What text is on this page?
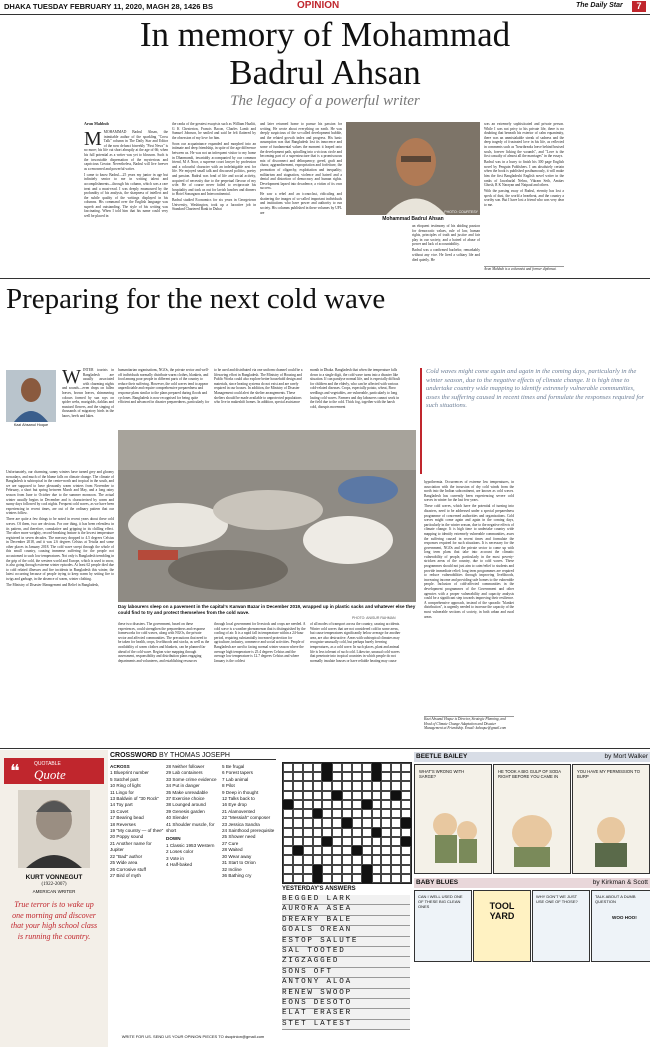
DHAKA TUESDAY FEBRUARY 11, 2020, MAGH 28, 1426 BS	OPINION	The Daily Star	7
In memory of Mohammad
Badrul Ahsan
The legacy of a powerful writer
Arun Mahbub

MMOHAMMAD Badrul Ahsan, the inimitable author of the sparkling "Cross Talk" column in The Daily Star and Editor of the now defunct biweekly "First News" is no more; his life cut short abruptly at the age of 66; when his full potential as a writer was yet to blossom. Such is the inscrutable dispensation of the mysterious and capricious Creator. Nevertheless, Badrul will live forever as a renowned and powerful writer.

I came to know Badrul—25 years my junior in age but infinitely senior to me in writing talent and accomplishments—through his column, which was a rare treat and a must-read. I was deeply enamoured by the profundity of his analysis, the sharpness of intellect and the subtle quality of the writings displayed in his columns. His command over the English language was superb and outstanding. The style of his writing was fascinating. When I told him that his name could very well be placed in

the ranks of the greatest essayists such as William Hazlitt, G K Chesterton, Francis Bacon, Charles Lamb and Samuel Johnson, he smiled and said he felt flattered by the obsession of my love for him.

Soon our acquaintance expanded and morphed into an intimate and deep friendship, in spite of the age difference between us. He was not an infrequent visitor to my home in Dhanmondi, invariably accompanied by our common friend, M A Noor, a supreme court lawyer by profession and a colourful character with an indefatigable zest for life. We enjoyed small talk and discussed politics, poetry and passion. Badrul was fond of life and social activity, acquired of necessity due to the perpetual flavour of my wife. He of course never failed to reciprocate his hospitality and took us out for lavish lunches and dinners to Hotel Sonargaon and Intercontinental.

Badrul studied Economics for six years in Georgetown University, Washington, took up a lucrative job in Standard Chartered Bank in Dubai

and later returned home to pursue his passion for writing. He wrote about everything on earth. He was deeply suspicious of the so-called development bubble, and the related growth index and progress. His basic assumption was that Bangladesh lost its innocence and some of fundamental values the moment it leaped onto the development path, spiralling into a vicious circle and becoming part of a superstructure that is a promiscuous mix of disconnect and delinquency; greed, graft and chaos; aggrandisement, expropriation and forfeiture, the promotion of oligarchy, exploitation and inequality; militarism and stagnation, violence and hatred and a denial and distortion of democracy and human rights. Development lapsed into decadence, a victim of its own success.

He saw a rebel and an iconoclast, ridiculing and shattering the images of so-called important individuals and institutions who have power and authority to run society. His columns published in these volumes by UPL are	PHOTO: COURTESY
Mohammad Badrul Ahsan

an eloquent testimony of his abiding passion for democratic values, rule of law, human rights, principles of truth and justice and fair play in our society, and a hatred of abuse of power and lack of accountability.

Badrul was a confirmed bachelor, remarkably without any vice. He lived a solitary life and died quietly. He

was an extremely sophisticated and private person. While I was not privy to his private life, there is no doubting that beneath his exterior of calm equanimity, there was an unmistakable streak of sadness and the deep tragedy of frustrated love in his life, as reflected in comments such as "heartbreaks leave behind bruised souls, forever licking the wounds", and "Love is the first casualty of almost all the marriages" in the essays.

Badrul was in a hurry to finish his 300 page English novel by Penguin Publishers. I am absolutely certain when the book is published posthumously, it will make him the first Bangladeshi English novel writer in the ranks of Jawaharlal Nehru, Vikram Seth, Amitav Ghosh, R K Narayan and Naipaul and others.

With the passing away of Badrul, eternity has lost a speck of dust, the world a heartbeat, and the country a worthy son. But I have lost a friend who was very dear to me.

Arun Mahbub is a columnist and former diplomat.
Preparing for the next cold wave
Kazi Ahsanul Hoque

WINTER tourists in Bangladesh are usually associated with charming nights and sounds—even drops on fallen leaves, brown leaves, shimmering colours formed by sun rays on spider webs, marigolds, dahlias and mustard flowers, and the singing of thousands of migratory birds in the haors, beels and lakes.

Unfortunately, our charming, sunny winters have turned grey and gloomy nowadays, and much of the blame falls on climate change. The climate of Bangladesh is subtropical in the centre-north and tropical in the south, and we are supposed to have pleasantly warm winters from November to February, a short but spring between March and May, and a long rainy season from June to October due to the summer monsoon. The actual winter usually begins in December and is characterised by warm and sunny days followed by cool nights. Frequent cold waves, as we have been experiencing in recent times, are out of the ordinary pattern that our winters follow.

There are quite a few things to be noted in recent years about these cold waves. Of them, two are obvious. For one thing, it has been relentless in its pattern, and therefore, cumulative and gripping in its chilling effect. The other more weighty, record-breaking feature is the lowest temperature registered in seven decades. The mercury dropped to 4.5 degrees Celsius in December 2018, and it was 2.6 degrees Celsius at Tetulia and some other places in January 2018. The cold wave swept through the whole of this small country, causing immense suffering for the people not accustomed to such low temperatures. Not only is Bangladesh trembling in the grip of the cold, the western world and Europe, which is used to snow, is also going through extreme winter episodes. At least 62 people died due to cold related illnesses and fire incidents in Bangladesh this winter, the latest occurring because of people trying to keep warm by setting fire to twigs and garbage, in the absence of warm, winter clothing.

The Ministry of Disaster Management and Relief in Bangladesh,

humanitarian organisations, NGOs, the private sector and well-off individuals normally distribute warm clothes, blankets, and food among poor people in different parts of the country to reduce their suffering. However, the cold waves tend to appear unpredictable and require comprehensive preparedness and response plans similar to the plans prepared during floods and cyclones. Bangladesh is now recognised for being quite efficient and advanced in disaster preparedness, particularly for
to be used and distributed via one uniform channel could be a lifesaving effort in Bangladesh. The Ministry of Housing and Public Works could also explore better household design and materials, since heating systems do not exist and are rarely required in our houses. In addition, the Ministry of Disaster Management could alert the shelter arrangements. These shelters should be made available to unprotected populations who live in makeshift homes. In addition, special assistance
month in Dhaka. Bangladesh that when the temperature falls down to a single digit, the cold wave turns into a disaster like situation. If can paralyse normal life, and is especially difficult for children and the elderly, who can be affected with various cold-related diseases. Crops, especially potato, wheat, Boro seedlings and vegetables, are vulnerable, particularly to long lasting cold waves. Farmers and day labourers cannot work in the field due to the cold. Thick fog, together with the harsh cold, disrupts movement
Day labourers sleep on a pavement in the capital's Karwan Bazar in December 2019, wrapped up in plastic sacks and whatever else they could find to try and protect themselves from the cold wave.
PHOTO: ANISUR RAHMAN
these two disasters. The government, based on these experiences, could strengthen the preparedness and response frameworks for cold waves, along with NGOs, the private sector and affected communities. The precautions that need to be taken for health, crops, livelihoods and stocks, as well as the availability of warm clothes and blankets, can be planned far ahead of the cold wave. Region wise mapping through assessment, responsibility and distribution plans engaging departments and volunteers, and establishing resources
through local government for livestock and crops are needed. A cold wave is a weather phenomenon that is distinguished by the cooling of air. It is a rapid fall in temperature within a 24-hour period, requiring substantially increased protection for agriculture, industry, commerce and social activities. People of Bangladesh are used to facing normal winter season where the average high temperature is 25.4 degrees Celsius and the average low temperature is 12.7 degrees Celsius and where January is the coldest
of all modes of transport across the country, causing accidents. Winter cold waves that are not considered cold in some areas, but cause temperatures significantly below average for another area, are also destructive. Areas with subtropical climates may recognise unusually cold, but perhaps barely freezing temperatures, as a cold wave. In such places, plant and animal life is less tolerant of such cold. Likewise, unusual cold waves that penetrate into tropical countries in which people do not normally insulate houses or have reliable heating may cause
Cold waves might come again and again in the coming days, particularly in the winter season, due to the negative effects of climate change. It is high time to undertake country wide mapping to identify extremely vulnerable communities, asses the suffering caused in recent times and formulate the responses required for such situations.

hypothermia. Occurrences of extreme low temperatures, in association with the incursion of dry cold winds from the north into the Indian subcontinent, are known as cold waves. Bangladesh has currently been experiencing severe cold waves in winter for the last few years.

These cold waves, which have the potential of turning into disasters, need to be addressed under a special preparedness programme of concerned authorities and organisations. Cold waves might come again and again in the coming days, particularly in the winter season, due to the negative effects of climate change. It is high time to undertake country wide mapping to identify extremely vulnerable communities, asses the suffering caused in recent times and formulate the responses required for such situations. It is necessary for the government, NGOs and the private sector to come up with long term plans that take into account the climatic vulnerability of people, particularly in the most poverty-stricken areas of the country, due to cold waves. These programmes should not just aim to cater/relief to students and provide immediate relief; long term programmes are required to reduce vulnerabilities through improving livelihoods, increasing income and providing safe homes to the vulnerable people. Inclusion of cold-affected communities in the development programmes of the Government and other agencies with a proper vulnerability and capacity analysis could be a significant step towards improving their resilience. A comprehensive approach, instead of the sporadic "blanket distribution", is urgently needed to increase the capacity of the most vulnerable sections of society, in both urban and rural areas.

Kazi Ahsanul Hoque is Director, Strategic Planning, and Head of Climate Change Adaptation and Disaster Management at Friendship. Email: kahoque@gmail.com
QUOTABLE
Quote
❝
KURT VONNEGUT
(1922-2007)
AMERICAN WRITER
True terror is to wake up one morning and discover that your high school class is running the country.
CROSSWORD BY THOMAS JOSEPH
ACROSS
1 Blueprint number
5 Satchel part
10 Ring of light
11 Lingo for
13 Baldwin of "30 Rock"
14 Toy part
15 Covet
17 Bearing bead
18 Reverses
19 "My country — of thee"
20 Poppy sound
21 Another name for Jupiter
22 "Bad" author
25 Wide area
26 Corrosive stuff
27 Bird of myth
28 Neither follower
29 Lab containers
33 Some crime evidence
34 Put in danger
35 Make unreadable
37 Exercise choice
38 Lounged around
39 Genesis garden
40 Slender
41 Shoulder muscle, for short
DOWN
1 Classic 1953 Western
2 Loses color
3 Vote in
4 Half-baked
5 Be frugal
6 Forest tapers
7 Lab animal
8 Pilot
9 Deep in thought
12 Talks back to
16 Eye drop
21 Alamovented
22 "Messiah" composer
23 Jessica Sandra
24 Sainthood prerequisite
25 Shower need
27 Cure
28 Waited
30 Wear away
31 Start to Orion
32 Incline
36 Bathing cry
YESTERDAY'S ANSWERS
BEGGED LARK
AURORA ASEA
DREARY BALE
GOALS OREAN
ESTOP SALUTE
SAL TOOTED
ZIGZAGGED
SONS OFT
ANTONY ALOA
RENEW SWOOP
EONS DESOTO
ELAT ERASER
STET LATEST
WRITE FOR US. SEND US YOUR OPINION PIECES TO dsopinion@gmail.com
BEETLE BAILEY	by Mort Walker
WHAT'S WRONG WITH SARGE?
HE TOOK A BIG GULP OF SODA RIGHT BEFORE YOU CAME IN
YOU HAVE MY PERMISSION TO BURP
BABY BLUES	by Kirkman & Scott
CAN I WELL USED ONE OF THESE BIG CLEAN ONES	TOOL YARD
WHY DON'T WE JUST USE ONE OF THOSE?
TALK ABOUT A DUMB QUESTION
WOO HOO!
